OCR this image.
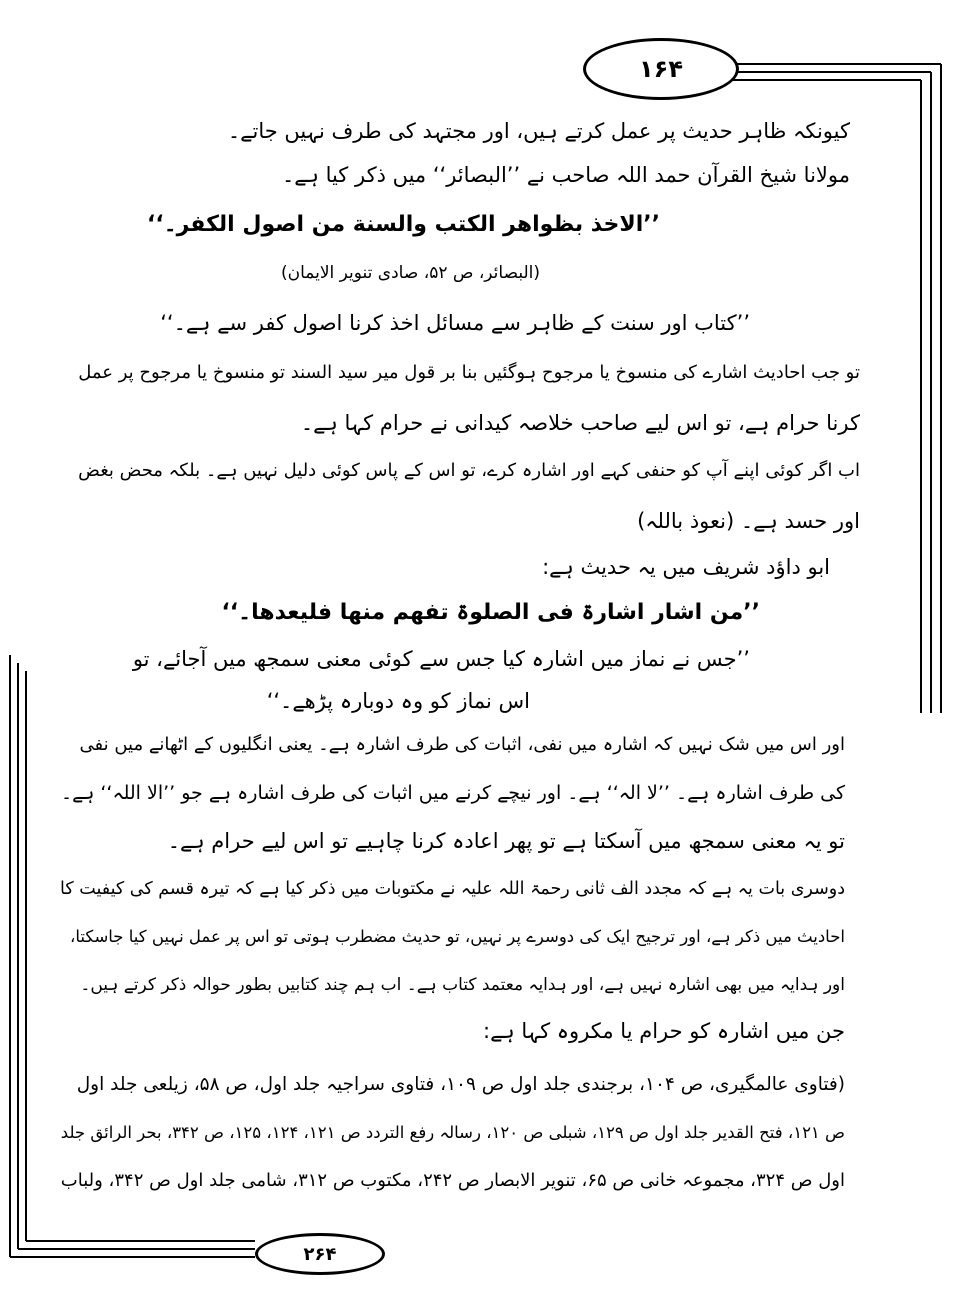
۱۶۴
۲۶۴
کیونکہ ظاہر حدیث پر عمل کرتے ہیں، اور مجتہد کی طرف نہیں جاتے۔
مولانا شیخ القرآن حمد اللہ صاحب نے ’’البصائر‘‘ میں ذکر کیا ہے۔
’’الاخذ بظواھر الکتب والسنة من اصول الکفر۔‘‘
(البصائر، ص ۵۲، صادی تنویر الایمان)
’’کتاب اور سنت کے ظاہر سے مسائل اخذ کرنا اصول کفر سے ہے۔‘‘
تو جب احادیث اشارے کی منسوخ یا مرجوح ہوگئیں بنا بر قول میر سید السند تو منسوخ یا مرجوح پر عمل
کرنا حرام ہے، تو اس لیے صاحب خلاصہ کیدانی نے حرام کہا ہے۔
اب اگر کوئی اپنے آپ کو حنفی کہے اور اشارہ کرے، تو اس کے پاس کوئی دلیل نہیں ہے۔ بلکہ محض بغض
اور حسد ہے۔ (نعوذ باللہ)
ابو داؤد شریف میں یہ حدیث ہے:
’’من اشار اشارۃ فی الصلوۃ تفھم منھا فلیعدھا۔‘‘
’’جس نے نماز میں اشارہ کیا جس سے کوئی معنی سمجھ میں آجائے، تو
اس نماز کو وہ دوبارہ پڑھے۔‘‘
اور اس میں شک نہیں کہ اشارہ میں نفی، اثبات کی طرف اشارہ ہے۔ یعنی انگلیوں کے اٹھانے میں نفی
کی طرف اشارہ ہے۔ ’’لا الہ‘‘ ہے۔ اور نیچے کرنے میں اثبات کی طرف اشارہ ہے جو ’’الا اللہ‘‘ ہے۔
تو یہ معنی سمجھ میں آسکتا ہے تو پھر اعادہ کرنا چاہیے تو اس لیے حرام ہے۔
دوسری بات یہ ہے کہ مجدد الف ثانی رحمۃ اللہ علیہ نے مکتوبات میں ذکر کیا ہے کہ تیرہ قسم کی کیفیت کا
احادیث میں ذکر ہے، اور ترجیح ایک کی دوسرے پر نہیں، تو حدیث مضطرب ہوتی تو اس پر عمل نہیں کیا جاسکتا،
اور ہدایہ میں بھی اشارہ نہیں ہے، اور ہدایہ معتمد کتاب ہے۔ اب ہم چند کتابیں بطور حوالہ ذکر کرتے ہیں۔
جن میں اشارہ کو حرام یا مکروہ کہا ہے:
(فتاوی عالمگیری، ص ۱۰۴، برجندی جلد اول ص ۱۰۹، فتاوی سراجیہ جلد اول، ص ۵۸، زیلعی جلد اول
ص ۱۲۱، فتح القدیر جلد اول ص ۱۲۹، شبلی ص ۱۲۰، رسالہ رفع التردد ص ۱۲۱، ۱۲۴، ۱۲۵، ص ۳۴۲، بحر الرائق جلد
اول ص ۳۲۴، مجموعہ خانی ص ۶۵، تنویر الابصار ص ۲۴۲، مکتوب ص ۳۱۲، شامی جلد اول ص ۳۴۲، ولباب
